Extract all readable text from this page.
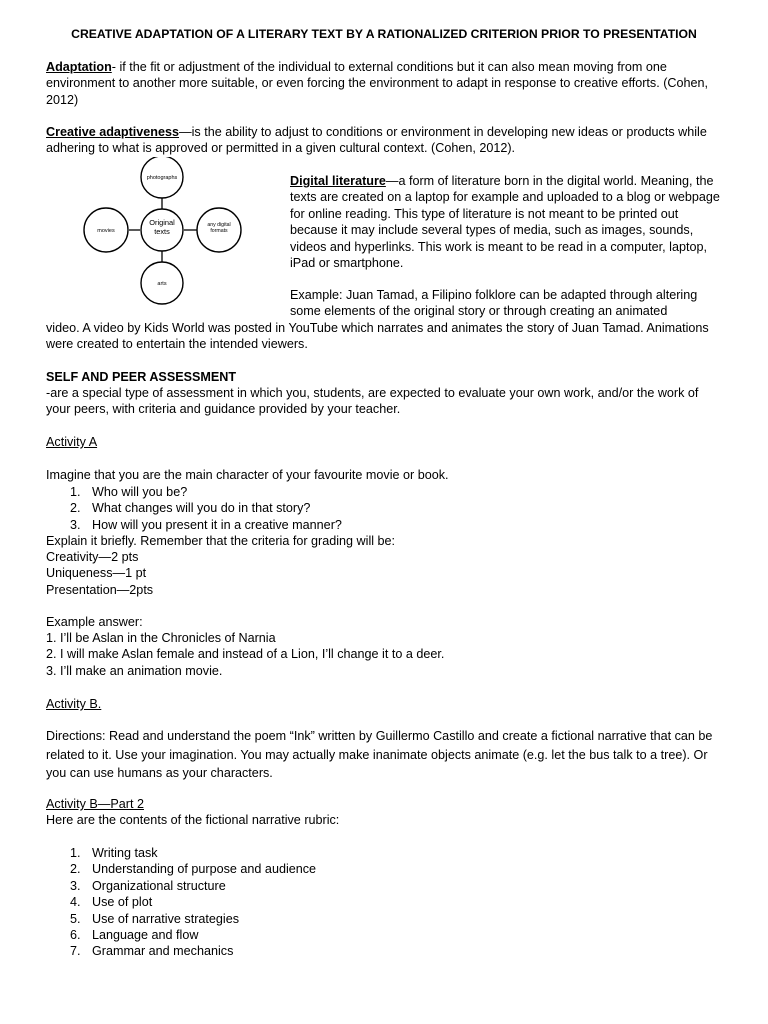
CREATIVE ADAPTATION OF A LITERARY TEXT BY A RATIONALIZED CRITERION PRIOR TO PRESENTATION

Adaptation- if the fit or adjustment of the individual to external conditions but it can also mean moving from one environment to another more suitable, or even forcing the environment to adapt in response to creative efforts. (Cohen, 2012)

Creative adaptiveness—is the ability to adjust to conditions or environment in developing new ideas or products while adhering to what is approved or permitted in a given cultural context. (Cohen, 2012).

photographs
movies
Original texts
any digital formats
arts

Digital literature—a form of literature born in the digital world. Meaning, the texts are created on a laptop for example and uploaded to a blog or webpage for online reading. This type of literature is not meant to be printed out because it may include several types of media, such as images, sounds, videos and hyperlinks. This work is meant to be read in a computer, laptop, iPad or smartphone.

Example: Juan Tamad, a Filipino folklore can be adapted through altering some elements of the original story or through creating an animated

video. A video by Kids World was posted in YouTube which narrates and animates the story of Juan Tamad. Animations were created to entertain the intended viewers.

SELF AND PEER ASSESSMENT

-are a special type of assessment in which you, students, are expected to evaluate your own work, and/or the work of your peers, with criteria and guidance provided by your teacher.

Activity A

Imagine that you are the main character of your favourite movie or book.

1. Who will you be?
2. What changes will you do in that story?
3. How will you present it in a creative manner?

Explain it briefly. Remember that the criteria for grading will be:

Creativity—2 pts
Uniqueness—1 pt
Presentation—2pts

Example answer:

1. I’ll be Aslan in the Chronicles of Narnia
2. I will make Aslan female and instead of a Lion, I’ll change it to a deer.
3. I’ll make an animation movie.

Activity B.

Directions: Read and understand the poem “Ink” written by Guillermo Castillo and create a fictional narrative that can be related to it. Use your imagination. You may actually make inanimate objects animate (e.g. let the bus talk to a tree). Or you can use humans as your characters.

Activity B—Part 2

Here are the contents of the fictional narrative rubric:

1. Writing task
2. Understanding of purpose and audience
3. Organizational structure
4. Use of plot
5. Use of narrative strategies
6. Language and flow
7. Grammar and mechanics
